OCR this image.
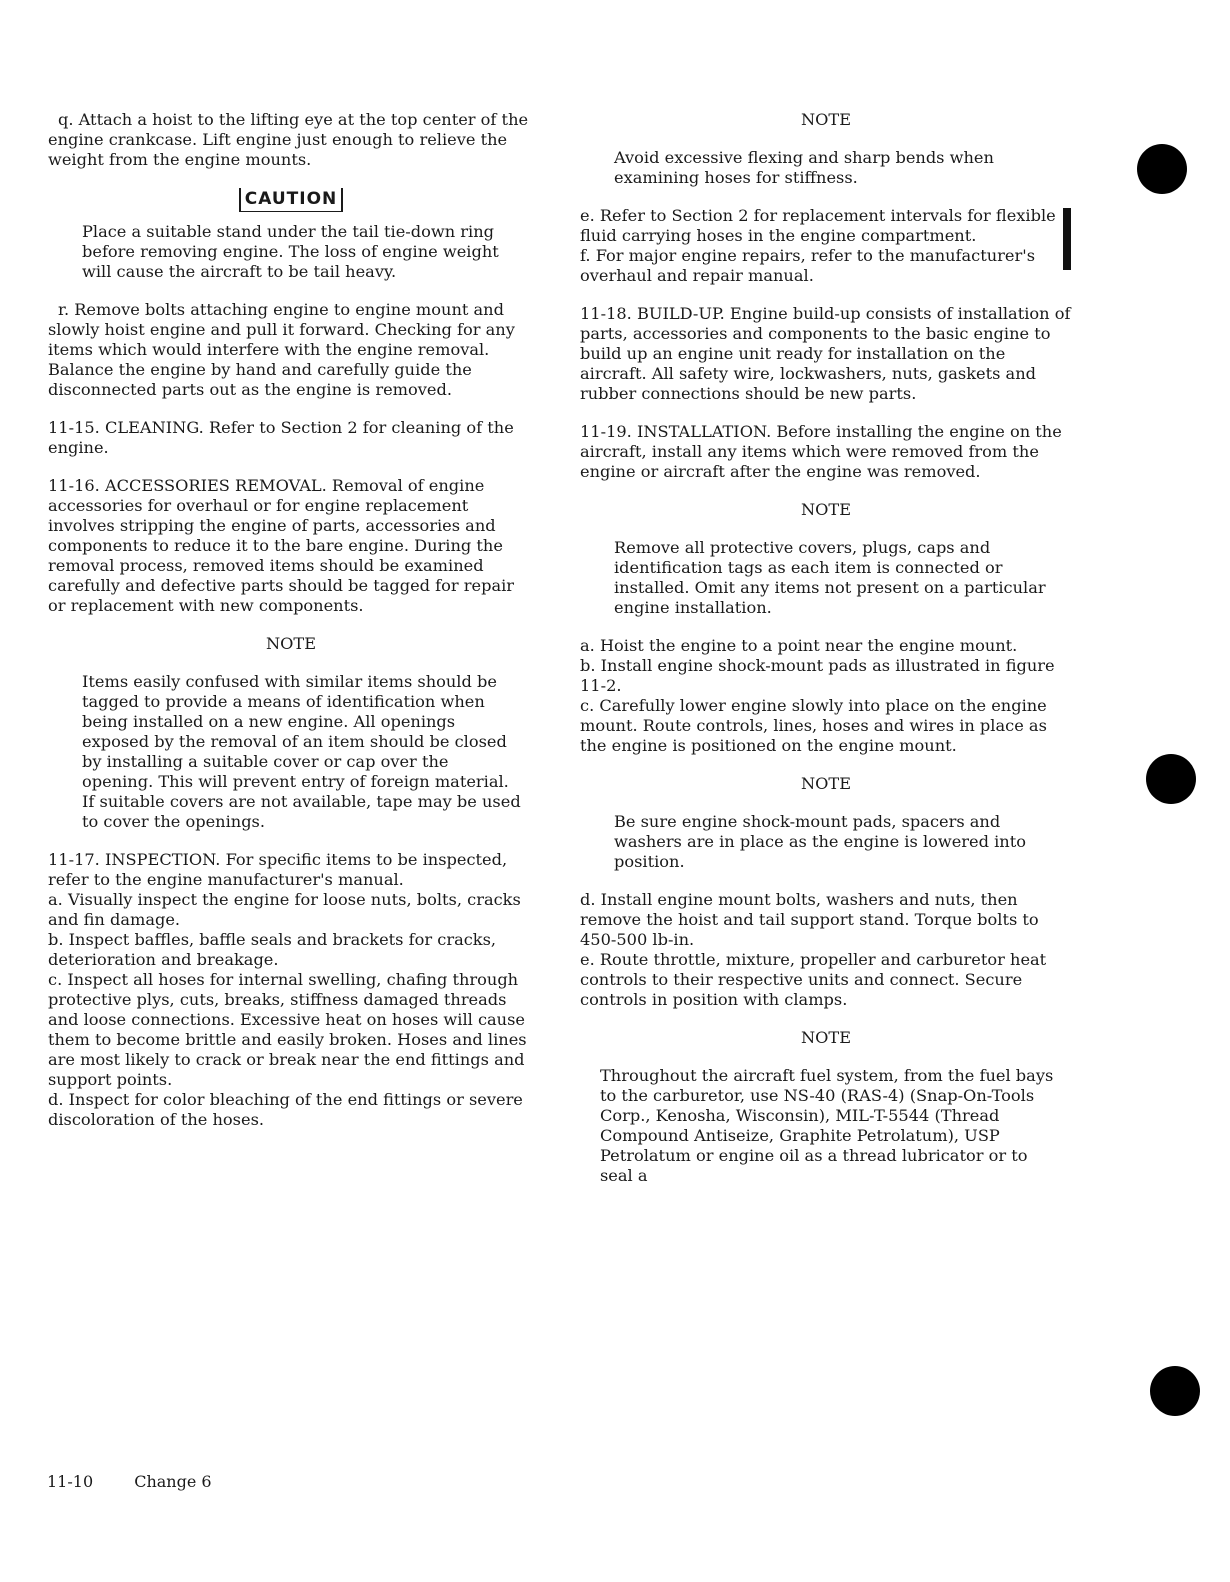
q. Attach a hoist to the lifting eye at the top center of the engine crankcase. Lift engine just enough to relieve the weight from the engine mounts.

CAUTION

Place a suitable stand under the tail tie-down ring before removing engine. The loss of engine weight will cause the aircraft to be tail heavy.

r. Remove bolts attaching engine to engine mount and slowly hoist engine and pull it forward. Checking for any items which would interfere with the engine removal. Balance the engine by hand and carefully guide the disconnected parts out as the engine is removed.

11-15. CLEANING. Refer to Section 2 for cleaning of the engine.

11-16. ACCESSORIES REMOVAL. Removal of engine accessories for overhaul or for engine replacement involves stripping the engine of parts, accessories and components to reduce it to the bare engine. During the removal process, removed items should be examined carefully and defective parts should be tagged for repair or replacement with new components.

NOTE

Items easily confused with similar items should be tagged to provide a means of identification when being installed on a new engine. All openings exposed by the removal of an item should be closed by installing a suitable cover or cap over the opening. This will prevent entry of foreign material. If suitable covers are not available, tape may be used to cover the openings.

11-17. INSPECTION. For specific items to be inspected, refer to the engine manufacturer's manual.

a. Visually inspect the engine for loose nuts, bolts, cracks and fin damage.

b. Inspect baffles, baffle seals and brackets for cracks, deterioration and breakage.

c. Inspect all hoses for internal swelling, chafing through protective plys, cuts, breaks, stiffness damaged threads and loose connections. Excessive heat on hoses will cause them to become brittle and easily broken. Hoses and lines are most likely to crack or break near the end fittings and support points.

d. Inspect for color bleaching of the end fittings or severe discoloration of the hoses.

NOTE

Avoid excessive flexing and sharp bends when examining hoses for stiffness.

e. Refer to Section 2 for replacement intervals for flexible fluid carrying hoses in the engine compartment.

f. For major engine repairs, refer to the manufacturer's overhaul and repair manual.

11-18. BUILD-UP. Engine build-up consists of installation of parts, accessories and components to the basic engine to build up an engine unit ready for installation on the aircraft. All safety wire, lockwashers, nuts, gaskets and rubber connections should be new parts.

11-19. INSTALLATION. Before installing the engine on the aircraft, install any items which were removed from the engine or aircraft after the engine was removed.

NOTE

Remove all protective covers, plugs, caps and identification tags as each item is connected or installed. Omit any items not present on a particular engine installation.

a. Hoist the engine to a point near the engine mount.

b. Install engine shock-mount pads as illustrated in figure 11-2.

c. Carefully lower engine slowly into place on the engine mount. Route controls, lines, hoses and wires in place as the engine is positioned on the engine mount.

NOTE

Be sure engine shock-mount pads, spacers and washers are in place as the engine is lowered into position.

d. Install engine mount bolts, washers and nuts, then remove the hoist and tail support stand. Torque bolts to 450-500 lb-in.

e. Route throttle, mixture, propeller and carburetor heat controls to their respective units and connect. Secure controls in position with clamps.

NOTE

Throughout the aircraft fuel system, from the fuel bays to the carburetor, use NS-40 (RAS-4) (Snap-On-Tools Corp., Kenosha, Wisconsin), MIL-T-5544 (Thread Compound Antiseize, Graphite Petrolatum), USP Petrolatum or engine oil as a thread lubricator or to seal a

11-10	Change 6
